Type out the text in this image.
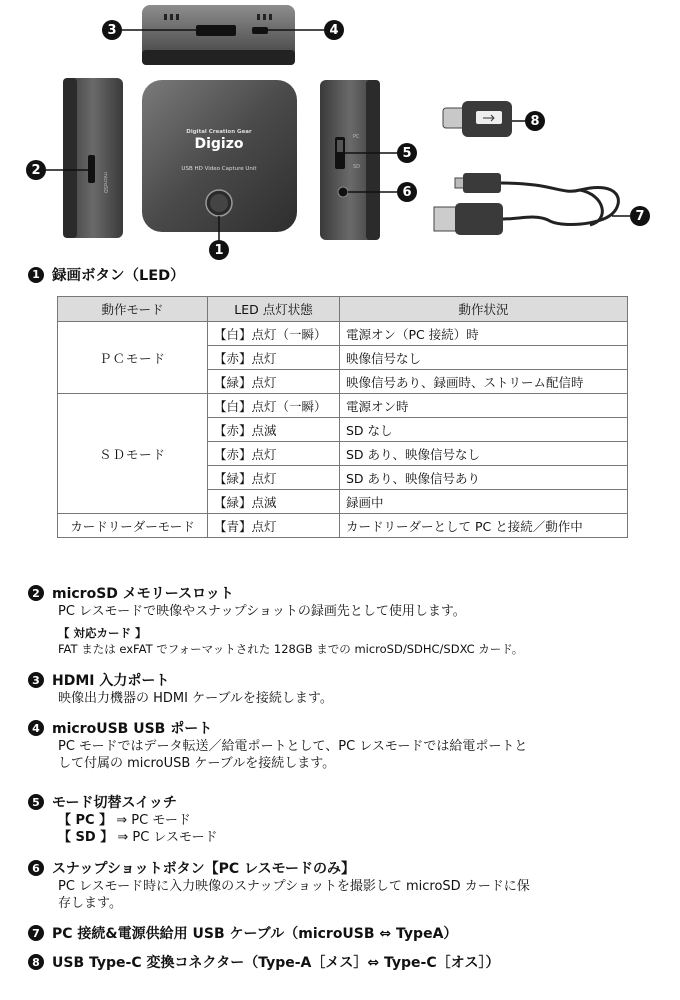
microSD
Digital Creation Gear
Digizo
USB HD Video Capture Unit
PC
SD
3	4
2
5
6
1
8
7
1 録画ボタン（LED）
動作モード	LED 点灯状態	動作状況
ＰＣモード	【白】点灯（一瞬）	電源オン（PC 接続）時
	【赤】点灯	映像信号なし
	【緑】点灯	映像信号あり、録画時、ストリーム配信時
ＳＤモード	【白】点灯（一瞬）	電源オン時
	【赤】点滅	SD なし
	【赤】点灯	SD あり、映像信号なし
	【緑】点灯	SD あり、映像信号あり
	【緑】点滅	録画中
カードリーダーモード	【青】点灯	カードリーダーとして PC と接続／動作中
2 microSD メモリースロット
PC レスモードで映像やスナップショットの録画先として使用します。
【 対応カード 】
FAT または exFAT でフォーマットされた 128GB までの microSD/SDHC/SDXC カード。
3 HDMI 入力ポート
映像出力機器の HDMI ケーブルを接続します。
4 microUSB USB ポート
PC モードではデータ転送／給電ポートとして、PC レスモードでは給電ポートと
して付属の microUSB ケーブルを接続します。
5 モード切替スイッチ
【 PC 】 ⇒ PC モード
【 SD 】 ⇒ PC レスモード
6 スナップショットボタン【PC レスモードのみ】
PC レスモード時に入力映像のスナップショットを撮影して microSD カードに保
存します。
7 PC 接続&電源供給用 USB ケーブル（microUSB ⇔ TypeA）
8 USB Type-C 変換コネクター（Type-A［メス］⇔ Type-C［オス］）
